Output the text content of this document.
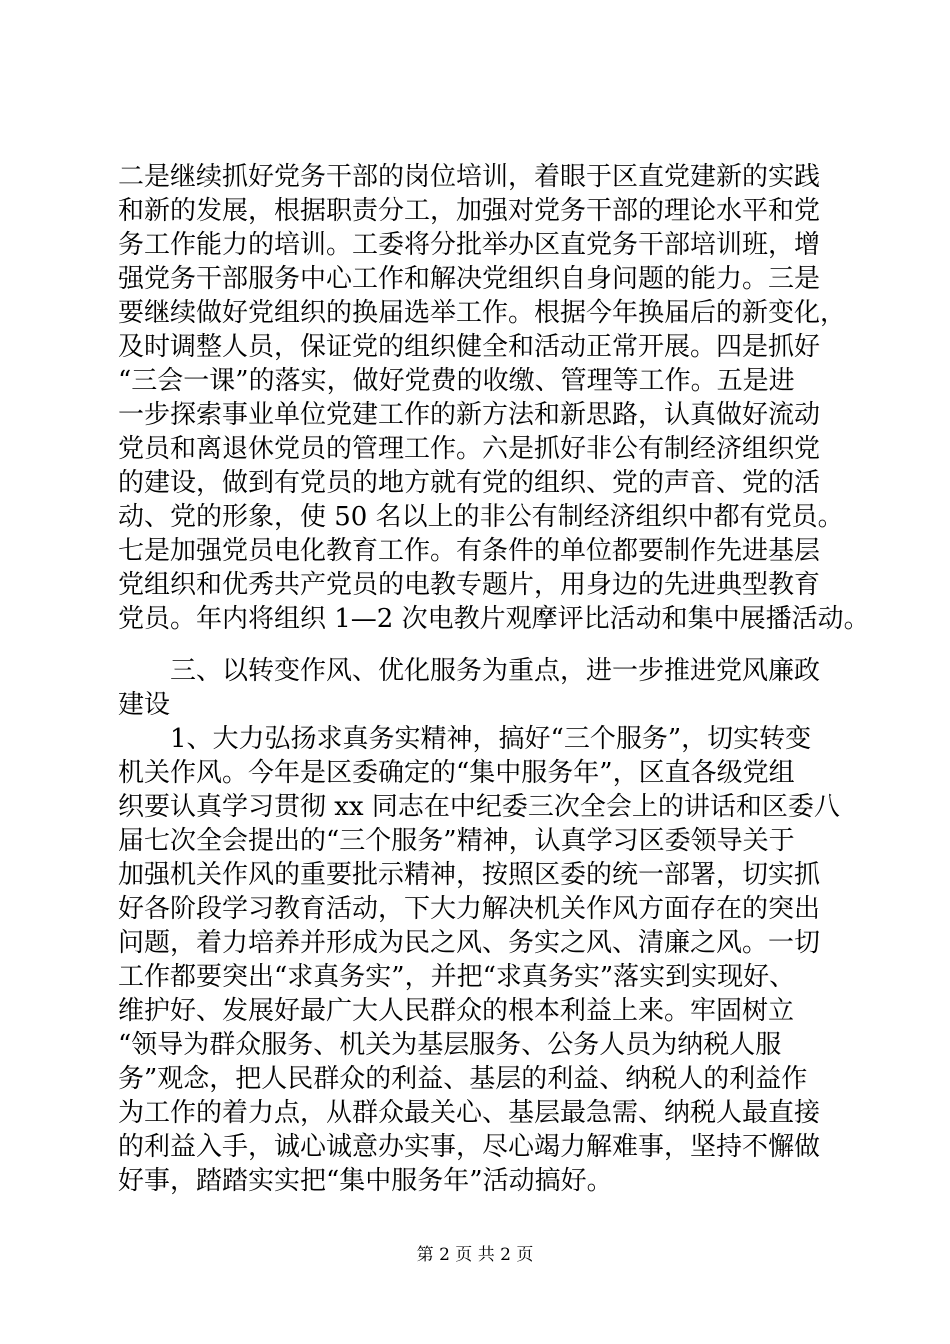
二是继续抓好党务干部的岗位培训，着眼于区直党建新的实践
和新的发展，根据职责分工，加强对党务干部的理论水平和党
务工作能力的培训。工委将分批举办区直党务干部培训班，增
强党务干部服务中心工作和解决党组织自身问题的能力。三是
要继续做好党组织的换届选举工作。根据今年换届后的新变化，
及时调整人员，保证党的组织健全和活动正常开展。四是抓好
“三会一课”的落实，做好党费的收缴、管理等工作。五是进
一步探索事业单位党建工作的新方法和新思路，认真做好流动
党员和离退休党员的管理工作。六是抓好非公有制经济组织党
的建设，做到有党员的地方就有党的组织、党的声音、党的活
动、党的形象，使 50 名以上的非公有制经济组织中都有党员。
七是加强党员电化教育工作。有条件的单位都要制作先进基层
党组织和优秀共产党员的电教专题片，用身边的先进典型教育
党员。年内将组织 1—2 次电教片观摩评比活动和集中展播活动。
三、以转变作风、优化服务为重点，进一步推进党风廉政
建设
1、大力弘扬求真务实精神，搞好“三个服务”，切实转变
机关作风。今年是区委确定的“集中服务年”，区直各级党组
织要认真学习贯彻 xx 同志在中纪委三次全会上的讲话和区委八
届七次全会提出的“三个服务”精神，认真学习区委领导关于
加强机关作风的重要批示精神，按照区委的统一部署，切实抓
好各阶段学习教育活动，下大力解决机关作风方面存在的突出
问题，着力培养并形成为民之风、务实之风、清廉之风。一切
工作都要突出“求真务实”，并把“求真务实”落实到实现好、
维护好、发展好最广大人民群众的根本利益上来。牢固树立
“领导为群众服务、机关为基层服务、公务人员为纳税人服
务”观念，把人民群众的利益、基层的利益、纳税人的利益作
为工作的着力点，从群众最关心、基层最急需、纳税人最直接
的利益入手，诚心诚意办实事，尽心竭力解难事，坚持不懈做
好事，踏踏实实把“集中服务年”活动搞好。
第 2 页 共 2 页
